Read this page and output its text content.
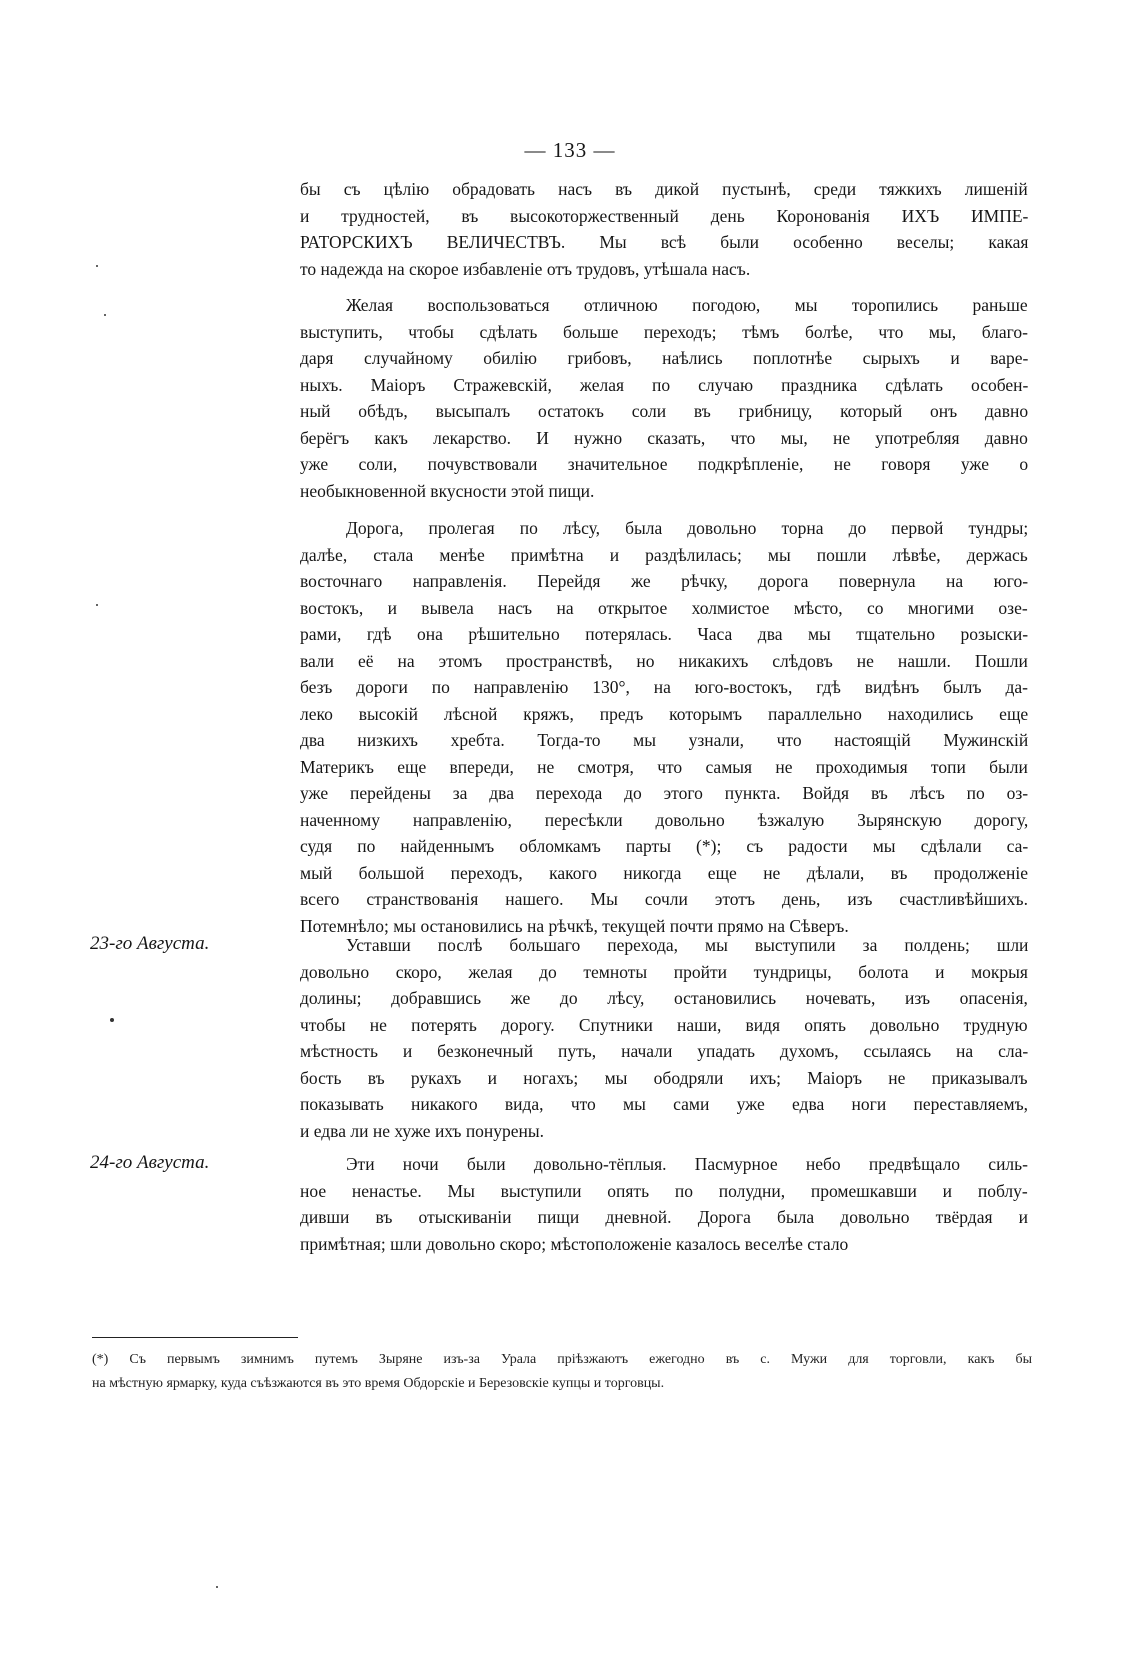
— 133 —

бы съ цѣлію обрадовать насъ въ дикой пустынѣ, среди тяжкихъ лишеній
и трудностей, въ высокоторжественный день Коронованія ИХЪ ИМПЕ-
РАТОРСКИХЪ ВЕЛИЧЕСТВЪ. Мы всѣ были особенно веселы; какая
то надежда на скорое избавленіе отъ трудовъ, утѣшала насъ.

Желая воспользоваться отличною погодою, мы торопились раньше
выступить, чтобы сдѣлать больше переходъ; тѣмъ болѣе, что мы, благо-
даря случайному обилію грибовъ, наѣлись поплотнѣе сырыхъ и варе-
ныхъ. Маіоръ Стражевскій, желая по случаю праздника сдѣлать особен-
ный обѣдъ, высыпалъ остатокъ соли въ грибницу, который онъ давно
берёгъ какъ лекарство. И нужно сказать, что мы, не употребляя давно
уже соли, почувствовали значительное подкрѣпленіе, не говоря уже о
необыкновенной вкусности этой пищи.

Дорога, пролегая по лѣсу, была довольно торна до первой тундры;
далѣе, стала менѣе примѣтна и раздѣлилась; мы пошли лѣвѣе, держась
восточнаго направленія. Перейдя же рѣчку, дорога повернула на юго-
востокъ, и вывела насъ на открытое холмистое мѣсто, со многими озе-
рами, гдѣ она рѣшительно потерялась. Часа два мы тщательно розыски-
вали её на этомъ пространствѣ, но никакихъ слѣдовъ не нашли. Пошли
безъ дороги по направленію 130°, на юго-востокъ, гдѣ видѣнъ былъ да-
леко высокій лѣсной кряжъ, предъ которымъ параллельно находились еще
два низкихъ хребта. Тогда-то мы узнали, что настоящій Мужинскій
Материкъ еще впереди, не смотря, что самыя не проходимыя топи были
уже перейдены за два перехода до этого пункта. Войдя въ лѣсъ по оз-
наченному направленію, пересѣкли довольно ѣзжалую Зырянскую дорогу,
судя по найденнымъ обломкамъ парты (*); съ радости мы сдѣлали са-
мый большой переходъ, какого никогда еще не дѣлали, въ продолженіе
всего странствованія нашего. Мы сочли этотъ день, изъ счастливѣйшихъ.
Потемнѣло; мы остановились на рѣчкѣ, текущей почти прямо на Сѣверъ.

23-го Августа.	Уставши послѣ большаго перехода, мы выступили за полдень; шли
довольно скоро, желая до темноты пройти тундрицы, болота и мокрыя
долины; добравшись же до лѣсу, остановились ночевать, изъ опасенія,
чтобы не потерять дорогу. Спутники наши, видя опять довольно трудную
мѣстность и безконечный путь, начали упадать духомъ, ссылаясь на сла-
бость въ рукахъ и ногахъ; мы ободряли ихъ; Маіоръ не приказывалъ
показывать никакого вида, что мы сами уже едва ноги переставляемъ,
и едва ли не хуже ихъ понурены.

24-го Августа.	Эти ночи были довольно-тёплыя. Пасмурное небо предвѣщало силь-
ное ненастье. Мы выступили опять по полудни, промешкавши и поблу-
дивши въ отыскиваніи пищи дневной. Дорога была довольно твёрдая и
примѣтная; шли довольно скоро; мѣстоположеніе казалось веселѣе стало

(*) Съ первымъ зимнимъ путемъ Зыряне изъ-за Урала пріѣзжаютъ ежегодно въ с. Мужи для торговли, какъ бы
на мѣстную ярмарку, куда съѣзжаются въ это время Обдорскіе и Березовскіе купцы и торговцы.
